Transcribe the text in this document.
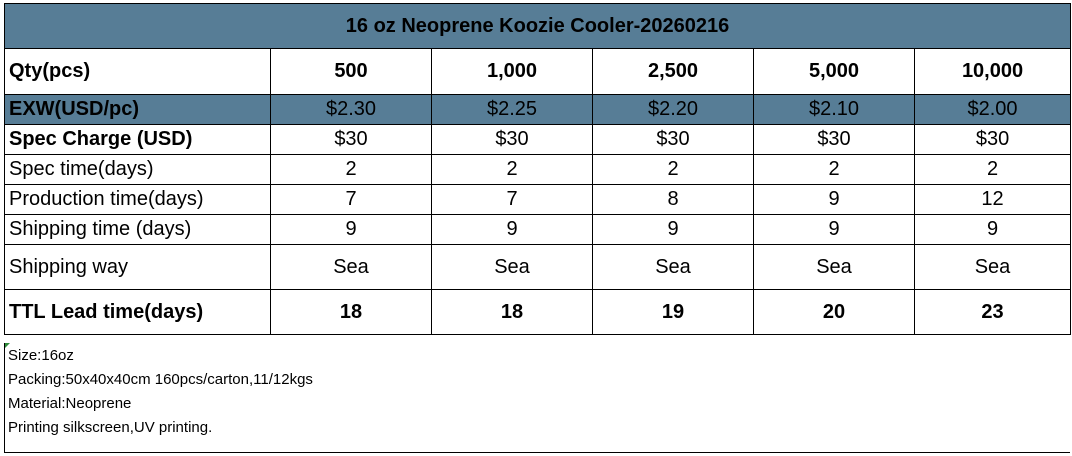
16 oz Neoprene Koozie Cooler-20260216					
Qty(pcs)	500	1,000	2,500	5,000	10,000
EXW(USD/pc)	$2.30	$2.25	$2.20	$2.10	$2.00
Spec Charge (USD)	$30	$30	$30	$30	$30
Spec time(days)	2	2	2	2	2
Production time(days)	7	7	8	9	12
Shipping time (days)	9	9	9	9	9
Shipping way	Sea	Sea	Sea	Sea	Sea
TTL Lead time(days)	18	18	19	20	23
Size:16oz
Packing:50x40x40cm 160pcs/carton,11/12kgs
Material:Neoprene
Printing silkscreen,UV printing.
